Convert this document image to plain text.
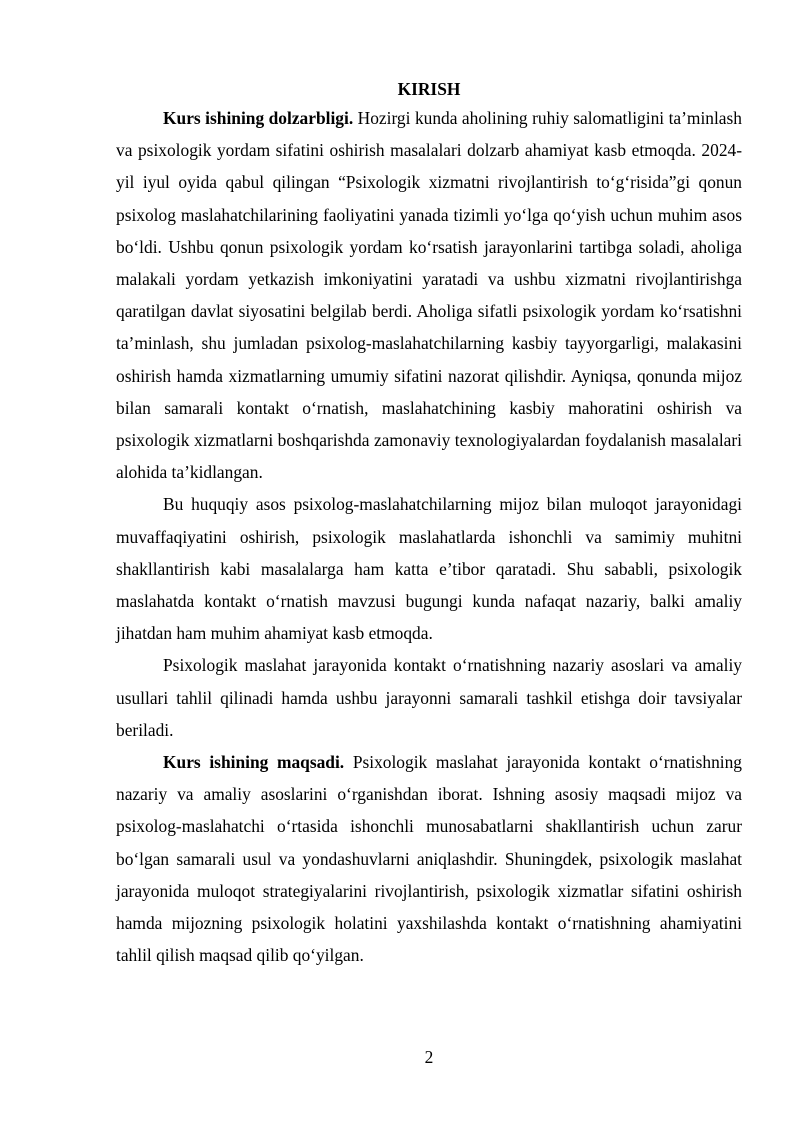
KIRISH

Kurs ishining dolzarbligi. Hozirgi kunda aholining ruhiy salomatligini ta’minlash va psixologik yordam sifatini oshirish masalalari dolzarb ahamiyat kasb etmoqda. 2024-yil iyul oyida qabul qilingan “Psixologik xizmatni rivojlantirish to‘g‘risida”gi qonun psixolog maslahatchilarining faoliyatini yanada tizimli yo‘lga qo‘yish uchun muhim asos bo‘ldi. Ushbu qonun psixologik yordam ko‘rsatish jarayonlarini tartibga soladi, aholiga malakali yordam yetkazish imkoniyatini yaratadi va ushbu xizmatni rivojlantirishga qaratilgan davlat siyosatini belgilab berdi. Aholiga sifatli psixologik yordam ko‘rsatishni ta’minlash, shu jumladan psixolog-maslahatchilarning kasbiy tayyorgarligi, malakasini oshirish hamda xizmatlarning umumiy sifatini nazorat qilishdir. Ayniqsa, qonunda mijoz bilan samarali kontakt o‘rnatish, maslahatchining kasbiy mahoratini oshirish va psixologik xizmatlarni boshqarishda zamonaviy texnologiyalardan foydalanish masalalari alohida ta’kidlangan.

Bu huquqiy asos psixolog-maslahatchilarning mijoz bilan muloqot jarayonidagi muvaffaqiyatini oshirish, psixologik maslahatlarda ishonchli va samimiy muhitni shakllantirish kabi masalalarga ham katta e’tibor qaratadi. Shu sababli, psixologik maslahatda kontakt o‘rnatish mavzusi bugungi kunda nafaqat nazariy, balki amaliy jihatdan ham muhim ahamiyat kasb etmoqda.

Psixologik maslahat jarayonida kontakt o‘rnatishning nazariy asoslari va amaliy usullari tahlil qilinadi hamda ushbu jarayonni samarali tashkil etishga doir tavsiyalar beriladi.

Kurs ishining maqsadi. Psixologik maslahat jarayonida kontakt o‘rnatishning nazariy va amaliy asoslarini o‘rganishdan iborat. Ishning asosiy maqsadi mijoz va psixolog-maslahatchi o‘rtasida ishonchli munosabatlarni shakllantirish uchun zarur bo‘lgan samarali usul va yondashuvlarni aniqlashdir. Shuningdek, psixologik maslahat jarayonida muloqot strategiyalarini rivojlantirish, psixologik xizmatlar sifatini oshirish hamda mijozning psixologik holatini yaxshilashda kontakt o‘rnatishning ahamiyatini tahlil qilish maqsad qilib qo‘yilgan.

2
